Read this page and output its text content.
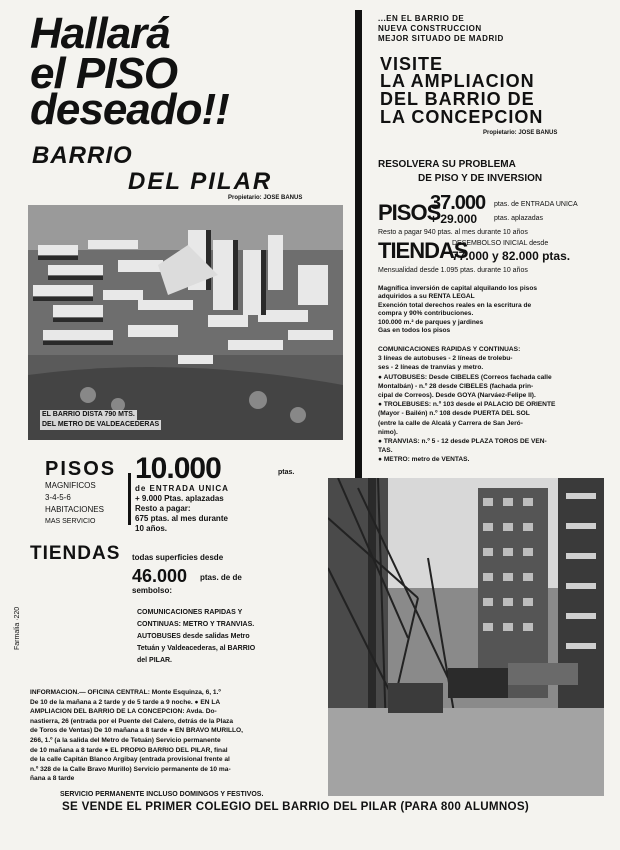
Hallará
el PISO
deseado!!
BARRIO
DEL PILAR
Propietario: JOSE BANUS
EL BARRIO DISTA 790 MTS.
DEL METRO DE VALDEACEDERAS
PISOS 10.000	ptas.
MAGNIFICOS
3-4-5-6
HABITACIONES
MAS SERVICIO
de ENTRADA UNICA
+ 9.000 Ptas. aplazadas
Resto a pagar:
675 ptas. al mes durante
10 años.
TIENDAS todas superficies desde
46.000 ptas. de de
sembolso:
COMUNICACIONES RAPIDAS Y
CONTINUAS: METRO Y TRANVIAS.
AUTOBUSES desde salidas Metro
Tetuán y Valdeacederas, al BARRIO
del PILAR.
Farmalia ·220
INFORMACION.— OFICINA CENTRAL: Monte Esquinza, 6, 1.º
De 10 de la mañana a 2 tarde y de 5 tarde a 9 noche. ● EN LA
AMPLIACION DEL BARRIO DE LA CONCEPCION: Avda. Do-
nastierra, 26 (entrada por el Puente del Calero, detrás de la Plaza
de Toros de Ventas) De 10 mañana a 8 tarde ● EN BRAVO MURILLO,
266, 1.º (a la salida del Metro de Tetuán) Servicio permanente
de 10 mañana a 8 tarde ● EL PROPIO BARRIO DEL PILAR, final
de la calle Capitán Blanco Argibay (entrada provisional frente al
n.º 328 de la Calle Bravo Murillo) Servicio permanente de 10 ma-
ñana a 8 tarde
...EN EL BARRIO DE
NUEVA CONSTRUCCION
MEJOR SITUADO DE MADRID
VISITE
LA AMPLIACION
DEL BARRIO DE
LA CONCEPCION
Propietario: JOSE BANUS
RESOLVERA SU PROBLEMA
DE PISO Y DE INVERSION
PISOS
37.000 ptas. de ENTRADA UNICA
+ 29.000 ptas. aplazadas
Resto a pagar 940 ptas. al mes durante 10 años
TIENDAS
DESEMBOLSO INICIAL desde
77.000 y 82.000 ptas.
Mensualidad desde 1.095 ptas. durante 10 años
Magnífica inversión de capital alquilando los pisos
adquiridos a su RENTA LEGAL
Exención total derechos reales en la escritura de
compra y 90% contribuciones.
100.000 m.² de parques y jardines
Gas en todos los pisos
COMUNICACIONES RAPIDAS Y CONTINUAS:
3 líneas de autobuses - 2 líneas de trolebu-
ses - 2 líneas de tranvías y metro.
● AUTOBUSES: Desde CIBELES (Correos fachada calle
Montalbán) - n.º 28 desde CIBELES (fachada prin-
cipal de Correos). Desde GOYA (Narváez-Felipe II).
● TROLEBUSES: n.º 103 desde el PALACIO DE ORIENTE
(Mayor - Bailén) n.º 108 desde PUERTA DEL SOL
(entre la calle de Alcalá y Carrera de San Jeró-
nimo).
● TRANVIAS: n.º 5 - 12 desde PLAZA TOROS DE VEN-
TAS.
● METRO: metro de VENTAS.
SERVICIO PERMANENTE INCLUSO DOMINGOS Y FESTIVOS.
SE VENDE EL PRIMER COLEGIO DEL BARRIO DEL PILAR (PARA 800 ALUMNOS)
